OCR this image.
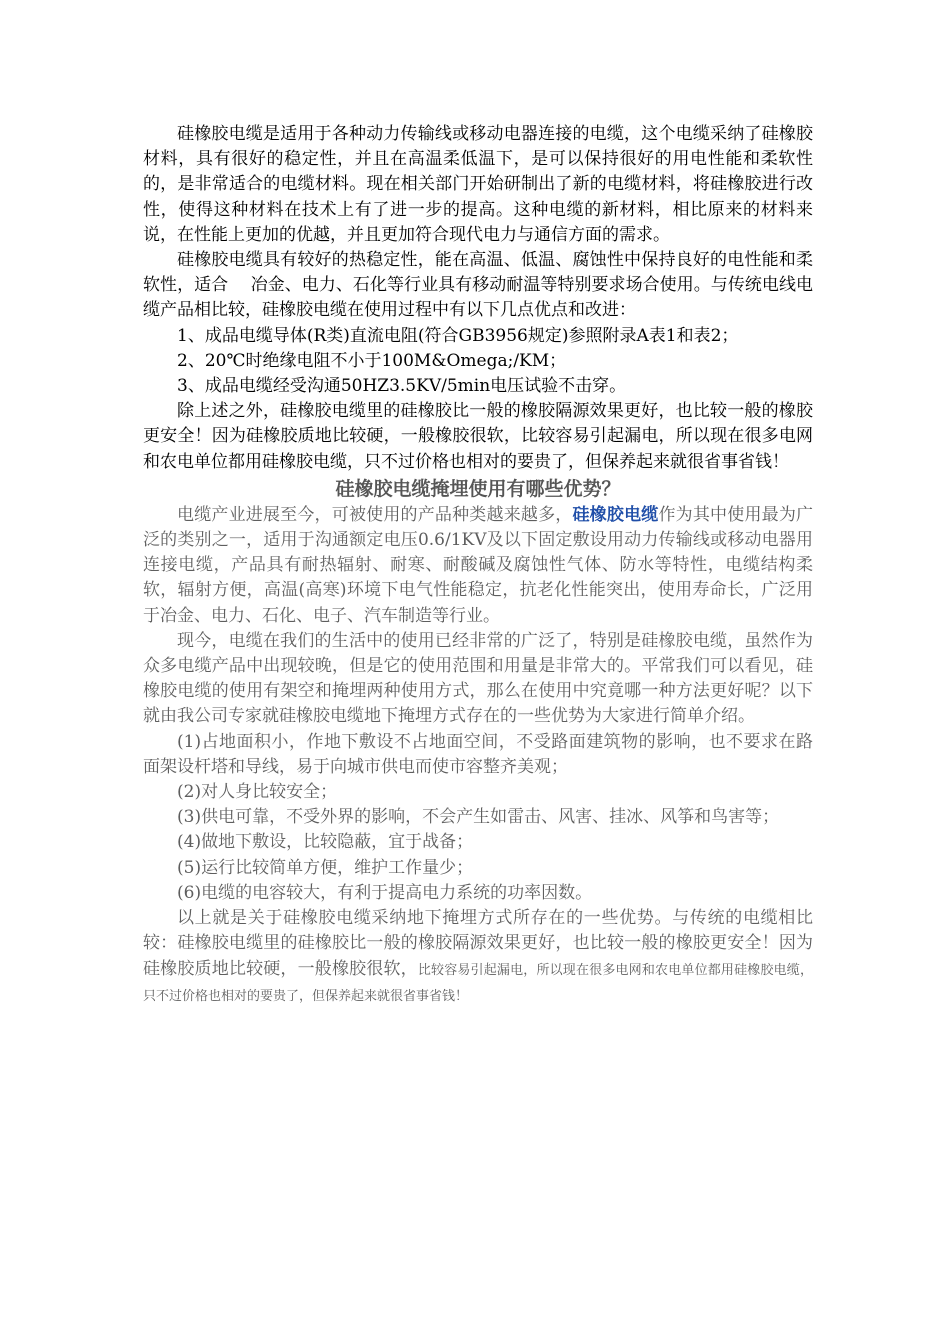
硅橡胶电缆是适用于各种动力传输线或移动电器连接的电缆，这个电缆采纳了硅橡胶材料，具有很好的稳定性，并且在高温柔低温下，是可以保持很好的用电性能和柔软性的，是非常适合的电缆材料。现在相关部门开始研制出了新的电缆材料，将硅橡胶进行改性，使得这种材料在技术上有了进一步的提高。这种电缆的新材料，相比原来的材料来说，在性能上更加的优越，并且更加符合现代电力与通信方面的需求。

硅橡胶电缆具有较好的热稳定性，能在高温、低温、腐蚀性中保持良好的电性能和柔软性，适合　 冶金、电力、石化等行业具有移动耐温等特别要求场合使用。与传统电线电缆产品相比较，硅橡胶电缆在使用过程中有以下几点优点和改进：

1、成品电缆导体(R类)直流电阻(符合GB3956规定)参照附录A表1和表2；

2、20℃时绝缘电阻不小于100M&Omega;/KM；

3、成品电缆经受沟通50HZ3.5KV/5min电压试验不击穿。

除上述之外，硅橡胶电缆里的硅橡胶比一般的橡胶隔源效果更好，也比较一般的橡胶更安全！因为硅橡胶质地比较硬，一般橡胶很软，比较容易引起漏电，所以现在很多电网和农电单位都用硅橡胶电缆，只不过价格也相对的要贵了，但保养起来就很省事省钱！

硅橡胶电缆掩埋使用有哪些优势？

电缆产业进展至今，可被使用的产品种类越来越多，硅橡胶电缆作为其中使用最为广泛的类别之一，适用于沟通额定电压0.6/1KV及以下固定敷设用动力传输线或移动电器用连接电缆，产品具有耐热辐射、耐寒、耐酸碱及腐蚀性气体、防水等特性，电缆结构柔软，辐射方便，高温(高寒)环境下电气性能稳定，抗老化性能突出，使用寿命长，广泛用于冶金、电力、石化、电子、汽车制造等行业。

现今，电缆在我们的生活中的使用已经非常的广泛了，特别是硅橡胶电缆，虽然作为众多电缆产品中出现较晚，但是它的使用范围和用量是非常大的。平常我们可以看见，硅橡胶电缆的使用有架空和掩埋两种使用方式，那么在使用中究竟哪一种方法更好呢？以下就由我公司专家就硅橡胶电缆地下掩埋方式存在的一些优势为大家进行简单介绍。

(1)占地面积小，作地下敷设不占地面空间，不受路面建筑物的影响，也不要求在路面架设杆塔和导线，易于向城市供电而使市容整齐美观；

(2)对人身比较安全；

(3)供电可靠，不受外界的影响，不会产生如雷击、风害、挂冰、风筝和鸟害等；

(4)做地下敷设，比较隐蔽，宜于战备；

(5)运行比较简单方便，维护工作量少；

(6)电缆的电容较大，有利于提高电力系统的功率因数。

以上就是关于硅橡胶电缆采纳地下掩埋方式所存在的一些优势。与传统的电缆相比较：硅橡胶电缆里的硅橡胶比一般的橡胶隔源效果更好，也比较一般的橡胶更安全！因为硅橡胶质地比较硬，一般橡胶很软，比较容易引起漏电，所以现在很多电网和农电单位都用硅橡胶电缆，只不过价格也相对的要贵了，但保养起来就很省事省钱！
